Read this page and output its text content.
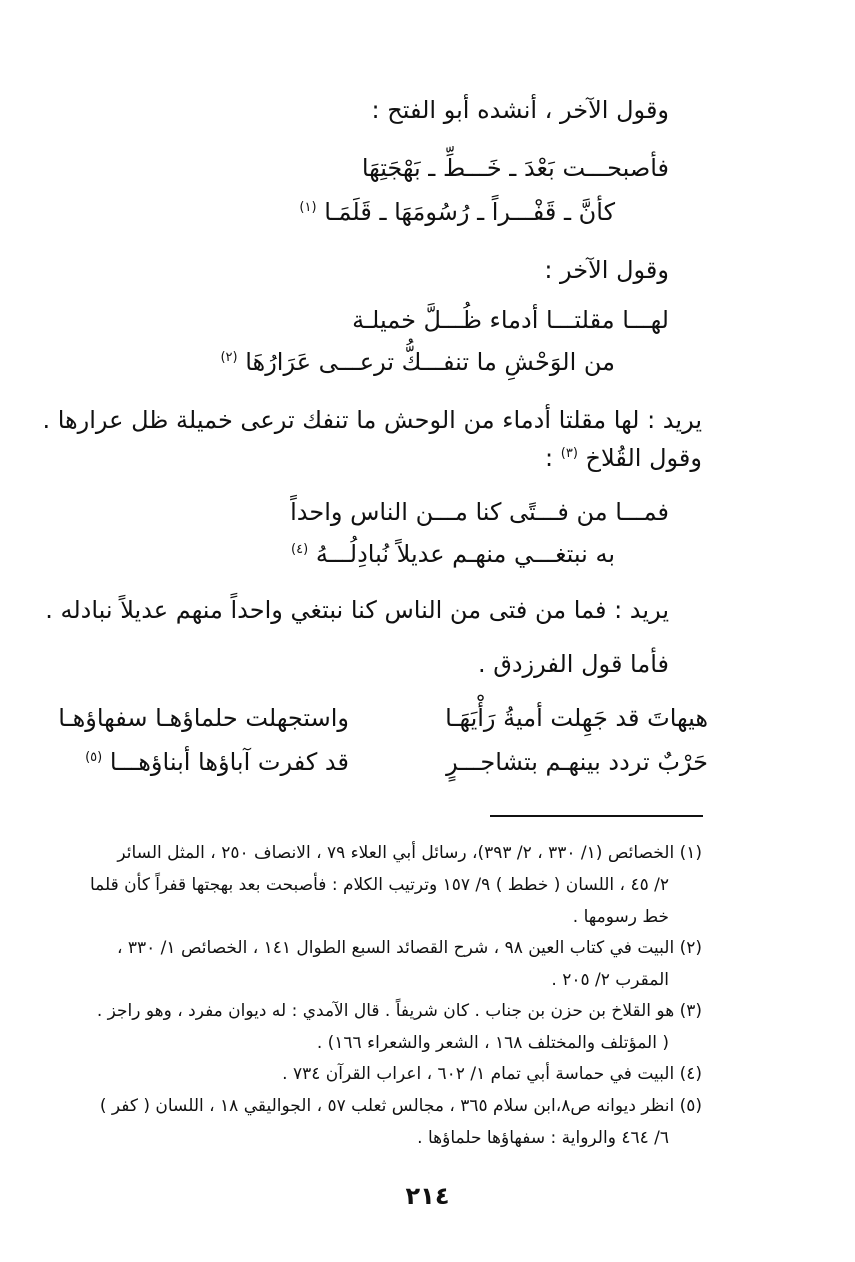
وقول الآخر ، أنشده أبو الفتح :
فأصبحـــت بَعْدَ ـ خَـــطِّ ـ بَهْجَتِهَا
كأنَّ ـ قَفْـــراً ـ رُسُومَهَا ـ قَلَمَـا $^{(١)}$
وقول الآخر :
لهـــا مقلتـــا أدماء ظُـــلَّ خميلـة
من الوَحْشِ ما تنفـــكُّ ترعـــى عَرَارُهَا $^{(٢)}$
يريد : لها مقلتا أدماء من الوحش ما تنفك ترعى خميلة ظل عرارها .
وقول القُلاخ $^{(٣)}$ :
فمـــا من فـــتًى كنا مـــن الناس واحداً
به نبتغـــي منهـم عديلاً نُبادِلُـــهُ $^{(٤)}$
يريد : فما من فتى من الناس كنا نبتغي واحداً منهم عديلاً نبادله .
فأما قول الفرزدق .
هيهاتَ قد جَهِلت أميةُ رَأْيَهَـا
واستجهلت حلماؤهـا سفهاؤهـا
حَرْبٌ تردد بينهـم بتشاجـــرٍ
قد كفرت آباؤها أبناؤهـــا $^{(٥)}$
(١) الخصائص (١/ ٣٣٠ ، ٢/ ٣٩٣)، رسائل أبي العلاء ٧٩ ، الانصاف ٢٥٠ ، المثل السائر
٢/ ٤٥ ، اللسان ( خطط ) ٩/ ١٥٧ وترتيب الكلام : فأصبحت بعد بهجتها قفراً كأن قلما
خط رسومها .
(٢) البيت في كتاب العين ٩٨ ، شرح القصائد السبع الطوال ١٤١ ، الخصائص ١/ ٣٣٠ ،
المقرب ٢/ ٢٠٥ .
(٣) هو القلاخ بن حزن بن جناب . كان شريفاً . قال الآمدي : له ديوان مفرد ، وهو راجز .
( المؤتلف والمختلف ١٦٨ ، الشعر والشعراء ١٦٦) .
(٤) البيت في حماسة أبي تمام ١/ ٦٠٢ ، اعراب القرآن ٧٣٤ .
(٥) انظر ديوانه ص٨،ابن سلام ٣٦٥ ، مجالس ثعلب ٥٧ ، الجواليقي ١٨ ، اللسان ( كفر )
٦/ ٤٦٤ والرواية : سفهاؤها حلماؤها .
٢١٤
